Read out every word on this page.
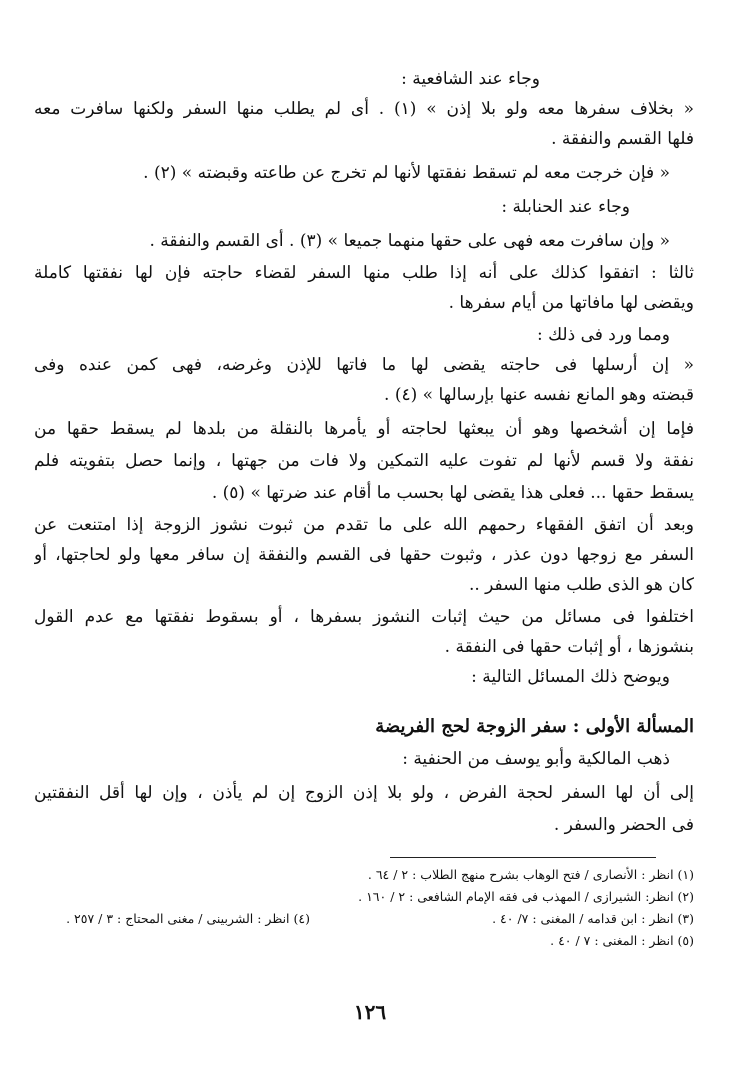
وجاء عند الشافعية :
« بخلاف سفرها معه ولو بلا إذن » (١) . أى لم يطلب منها السفر ولكنها سافرت معه
فلها القسم والنفقة .
« فإن خرجت معه لم تسقط نفقتها لأنها لم تخرج عن طاعته وقبضته » (٢) .
وجاء عند الحنابلة :
« وإن سافرت معه فهى على حقها منهما جميعا » (٣) . أى القسم والنفقة .
ثالثا : اتفقوا كذلك على أنه إذا طلب منها السفر لقضاء حاجته فإن لها نفقتها كاملة
ويقضى لها مافاتها من أيام سفرها .
ومما ورد فى ذلك :
« إن أرسلها فى حاجته يقضى لها ما فاتها للإذن وغرضه، فهى كمن عنده وفى
قبضته وهو المانع نفسه عنها بإرسالها » (٤) .
فإما إن أشخصها وهو أن يبعثها لحاجته أو يأمرها بالنقلة من بلدها لم يسقط حقها من
نفقة ولا قسم لأنها لم تفوت عليه التمكين ولا فات من جهتها ، وإنما حصل بتفويته فلم
يسقط حقها ... فعلى هذا يقضى لها بحسب ما أقام عند ضرتها » (٥) .
وبعد أن اتفق الفقهاء رحمهم الله على ما تقدم من ثبوت نشوز الزوجة إذا امتنعت عن
السفر مع زوجها دون عذر ، وثبوت حقها فى القسم والنفقة إن سافر معها ولو لحاجتها، أو
كان هو الذى طلب منها السفر ..
اختلفوا فى مسائل من حيث إثبات النشوز بسفرها ، أو بسقوط نفقتها مع عدم القول
بنشوزها ، أو إثبات حقها فى النفقة .
ويوضح ذلك المسائل التالية :
المسألة الأولى : سفر الزوجة لحج الفريضة
ذهب المالكية وأبو يوسف من الحنفية :
إلى أن لها السفر لحجة الفرض ، ولو بلا إذن الزوج إن لم يأذن ، وإن لها أقل النفقتين
فى الحضر والسفر .
(١) انظر : الأنصارى / فتح الوهاب بشرح منهج الطلاب : ٢ / ٦٤ .
(٢) انظر: الشيرازى / المهذب فى فقه الإمام الشافعى : ٢ / ١٦٠ .
(٣) انظر : ابن قدامه / المغنى : ٧/ ٤٠ .
(٤) انظر : الشربينى / مغنى المحتاج : ٣ / ٢٥٧ .
(٥) انظر : المغنى : ٧ / ٤٠ .
١٢٦
